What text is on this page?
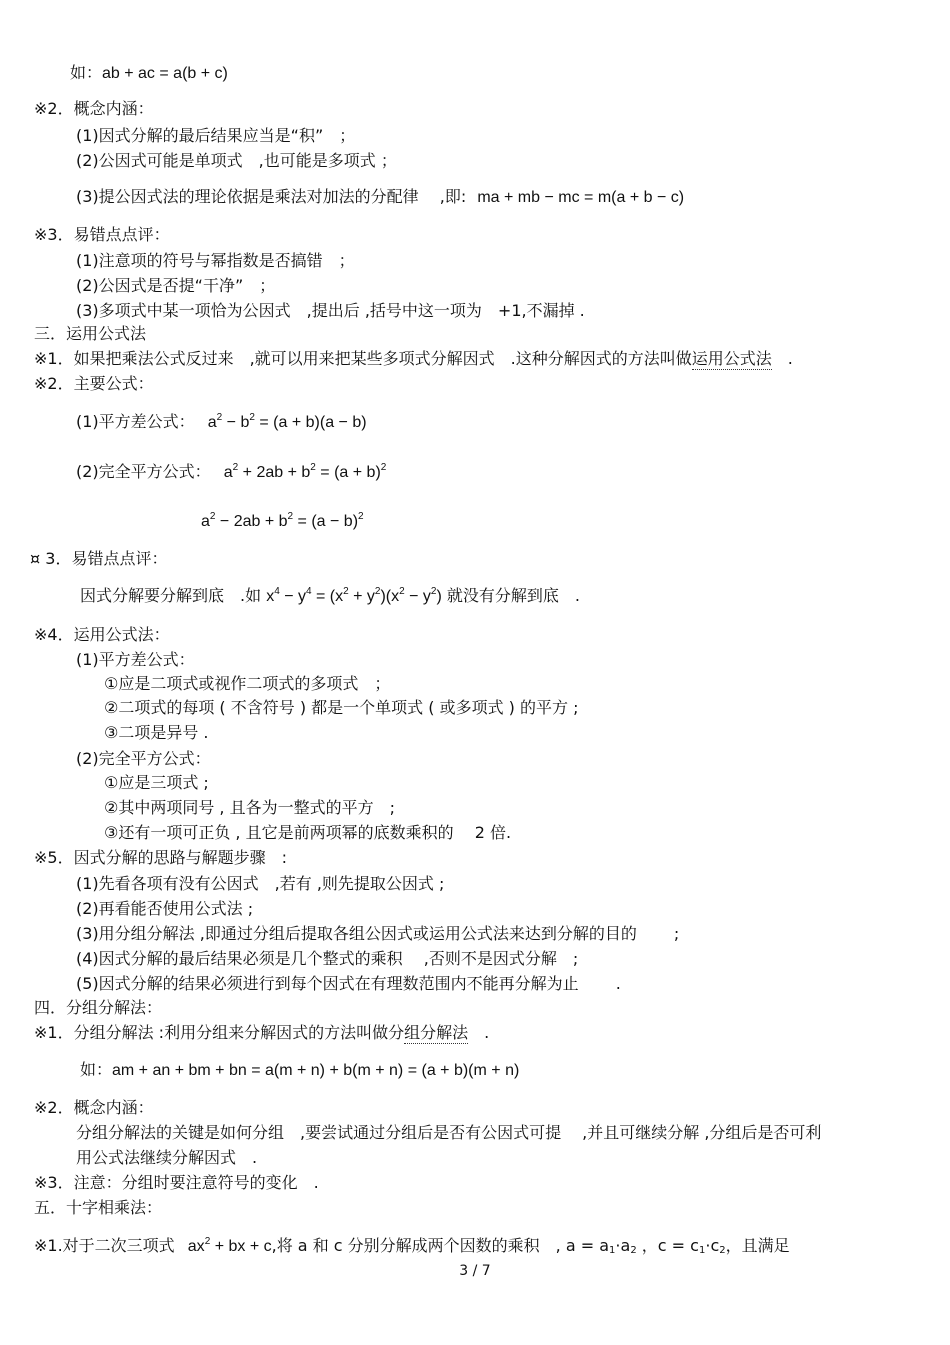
如：ab + ac = a(b + c)
※2．概念内涵：
(1)因式分解的最后结果应当是“积”　；
(2)公因式可能是单项式　,也可能是多项式 ；
(3)提公因式法的理论依据是乘法对加法的分配律　 ,即: ma + mb − mc = m(a + b − c)
※3．易错点点评：
(1)注意项的符号与幂指数是否搞错　；
(2)公因式是否提“干净”　；
(3)多项式中某一项恰为公因式　,提出后 ,括号中这一项为　+1,不漏掉 .
三．运用公式法
※1．如果把乘法公式反过来　,就可以用来把某些多项式分解因式　.这种分解因式的方法叫做运用公式法　.
※2．主要公式：
(1)平方差公式： $a^2 - b^2 = (a + b)(a - b)$
(2)完全平方公式： $a^2 + 2ab + b^2 = (a + b)^2$
$a^2 - 2ab + b^2 = (a - b)^2$
¤ 3．易错点点评：
因式分解要分解到底　.如 $x^4 - y^4 = (x^2 + y^2)(x^2 - y^2)$ 就没有分解到底　.
※4．运用公式法：
(1)平方差公式：
①应是二项式或视作二项式的多项式　；
②二项式的每项 ( 不含符号 ) 都是一个单项式 ( 或多项式 ) 的平方 ;
③二项是异号 .
(2)完全平方公式：
①应是三项式 ;
②其中两项同号 , 且各为一整式的平方　;
③还有一项可正负 , 且它是前两项幂的底数乘积的　 2 倍.
※5．因式分解的思路与解题步骤　:
(1)先看各项有没有公因式　,若有 ,则先提取公因式 ;
(2)再看能否使用公式法 ;
(3)用分组分解法 ,即通过分组后提取各组公因式或运用公式法来达到分解的目的　　 ;
(4)因式分解的最后结果必须是几个整式的乘积　 ,否则不是因式分解　;
(5)因式分解的结果必须进行到每个因式在有理数范围内不能再分解为止　　 .
四．分组分解法：
※1．分组分解法 :利用分组来分解因式的方法叫做分组分解法　.
如：am + an + bm + bn = a(m + n) + b(m + n) = (a + b)(m + n)
※2．概念内涵：
分组分解法的关键是如何分组　,要尝试通过分组后是否有公因式可提　 ,并且可继续分解 ,分组后是否可利
用公式法继续分解因式　.
※3．注意：分组时要注意符号的变化　.
五．十字相乘法：
※1.对于二次三项式 $ax^2$ + bx + c,将 a 和 c 分别分解成两个因数的乘积　, $a = a_1\cdot a_2$ ，$c = c_1\cdot c_2$，且满足
3 / 7
